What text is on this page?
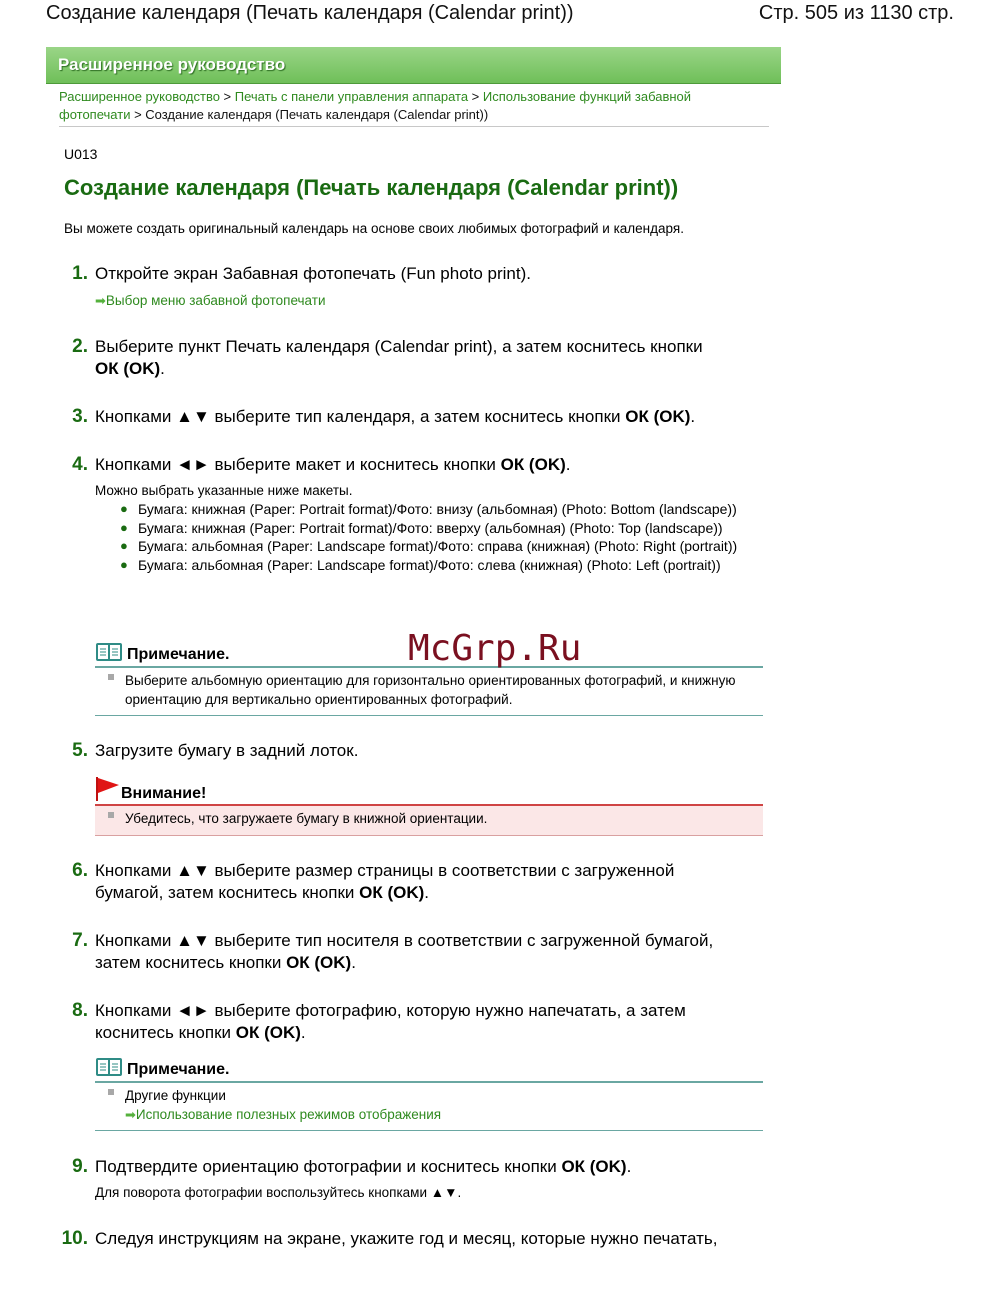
Создание календаря (Печать календаря (Calendar print))	Стр. 505 из 1130 стр.
Расширенное руководство
Расширенное руководство > Печать с панели управления аппарата > Использование функций забавной
фотопечати > Создание календаря (Печать календаря (Calendar print))
U013
Создание календаря (Печать календаря (Calendar print))
Вы можете создать оригинальный календарь на основе своих любимых фотографий и календаря.
1. Откройте экран Забавная фотопечать (Fun photo print).
➡Выбор меню забавной фотопечати
2. Выберите пункт Печать календаря (Calendar print), а затем коснитесь кнопки
ОК (OK).
3. Кнопками ▲▼ выберите тип календаря, а затем коснитесь кнопки ОК (OK).
4. Кнопками ◄► выберите макет и коснитесь кнопки ОК (OK).
Можно выбрать указанные ниже макеты.
● Бумага: книжная (Paper: Portrait format)/Фото: внизу (альбомная) (Photo: Bottom (landscape))
● Бумага: книжная (Paper: Portrait format)/Фото: вверху (альбомная) (Photo: Top (landscape))
● Бумага: альбомная (Paper: Landscape format)/Фото: справа (книжная) (Photo: Right (portrait))
● Бумага: альбомная (Paper: Landscape format)/Фото: слева (книжная) (Photo: Left (portrait))
Примечание.
Выберите альбомную ориентацию для горизонтально ориентированных фотографий, и книжную ориентацию для вертикально ориентированных фотографий.
McGrp.Ru
5. Загрузите бумагу в задний лоток.
Внимание!
Убедитесь, что загружаете бумагу в книжной ориентации.
6. Кнопками ▲▼ выберите размер страницы в соответствии с загруженной бумагой, затем коснитесь кнопки ОК (OK).
7. Кнопками ▲▼ выберите тип носителя в соответствии с загруженной бумагой, затем коснитесь кнопки ОК (OK).
8. Кнопками ◄► выберите фотографию, которую нужно напечатать, а затем коснитесь кнопки ОК (OK).
Примечание.
Другие функции
➡Использование полезных режимов отображения
9. Подтвердите ориентацию фотографии и коснитесь кнопки ОК (OK).
Для поворота фотографии воспользуйтесь кнопками ▲▼.
10. Следуя инструкциям на экране, укажите год и месяц, которые нужно печатать,
